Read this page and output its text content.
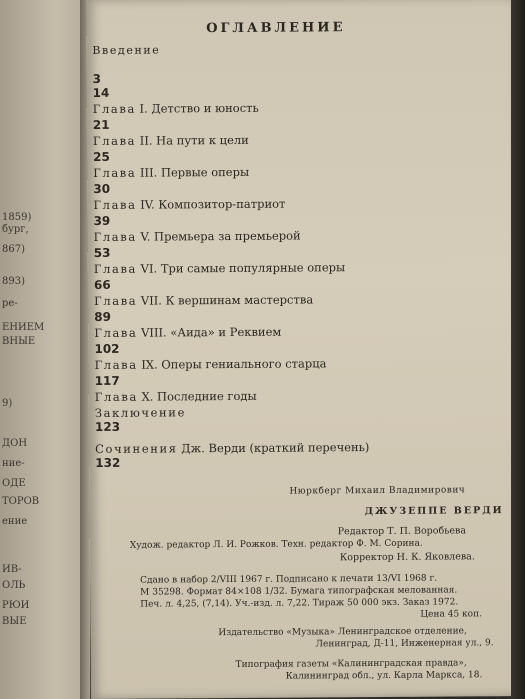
1859)
бург,
867)
893)
ре-
ЕНИЕМ
ВНЫЕ
9)
ДОН
ние-
ОДЕ
ТОРОВ
ение
ИВ-
ОЛЬ
РЮИ
ВЫЕ
ОГЛАВЛЕНИЕ
Введение
3
14
Глава I. Детство и юность
21
Глава II. На пути к цели
25
Глава III. Первые оперы
30
Глава IV. Композитор-патриот
39
Глава V. Премьера за премьерой
53
Глава VI. Три самые популярные оперы
66
Глава VII. К вершинам мастерства
89
Глава VIII. «Аида» и Реквием
102
Глава IX. Оперы гениального старца
117
Глава X. Последние годы
Заключение
123
Сочинения Дж. Верди (краткий перечень)
132
Нюркберг Михаил Владимирович
ДЖУЗЕППЕ ВЕРДИ
Редактор Т. П. Воробьева
Худож. редактор Л. И. Рожков. Техн. редактор Ф. М. Сорина.
Корректор Н. К. Яковлева.
Сдано в набор 2/VIII 1967 г. Подписано к печати 13/VI 1968 г.
М 35298. Формат 84×108 1/32. Бумага типографская мелованная.
Печ. л. 4,25, (7,14). Уч.-изд. л. 7,22. Тираж 50 000 экз. Заказ 1972.
Цена 45 коп.
Издательство «Музыка» Ленинградское отделение,
Ленинград, Д-11, Инженерная ул., 9.
Типография газеты «Калининградская правда»,
Калининград обл., ул. Карла Маркса, 18.
